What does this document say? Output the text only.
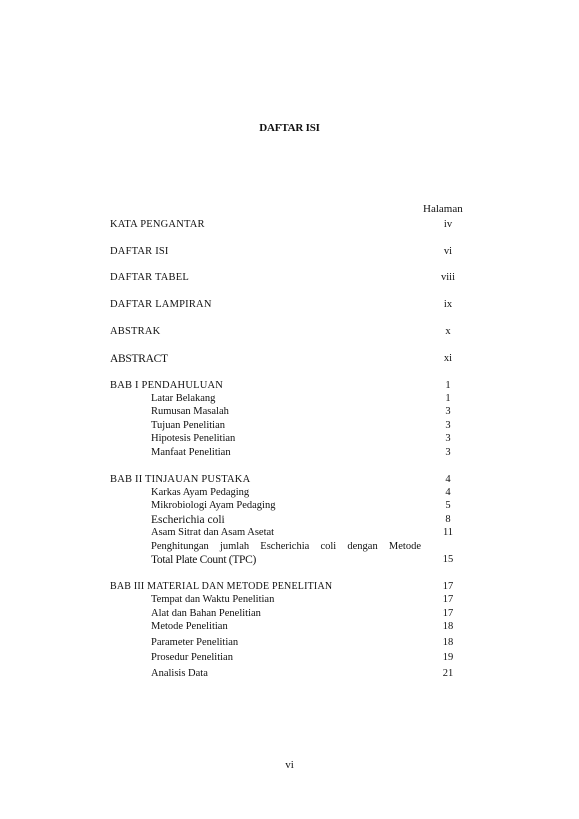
DAFTAR ISI
Halaman
KATA PENGANTAR	iv
DAFTAR ISI	vi
DAFTAR TABEL	viii
DAFTAR LAMPIRAN	ix
ABSTRAK	x
ABSTRACT	xi
BAB I PENDAHULUAN	1
Latar Belakang	1
Rumusan Masalah	3
Tujuan Penelitian	3
Hipotesis Penelitian	3
Manfaat Penelitian	3
BAB II TINJAUAN PUSTAKA	4
Karkas Ayam Pedaging	4
Mikrobiologi Ayam Pedaging	5
Escherichia coli	8
Asam Sitrat dan Asam Asetat	11
Penghitungan jumlah Escherichia coli dengan Metode
Total Plate Count (TPC)	15
BAB III MATERIAL DAN METODE PENELITIAN	17
Tempat dan Waktu Penelitian	17
Alat dan Bahan Penelitian	17
Metode Penelitian	18
Parameter Penelitian	18
Prosedur Penelitian	19
Analisis Data	21
vi
